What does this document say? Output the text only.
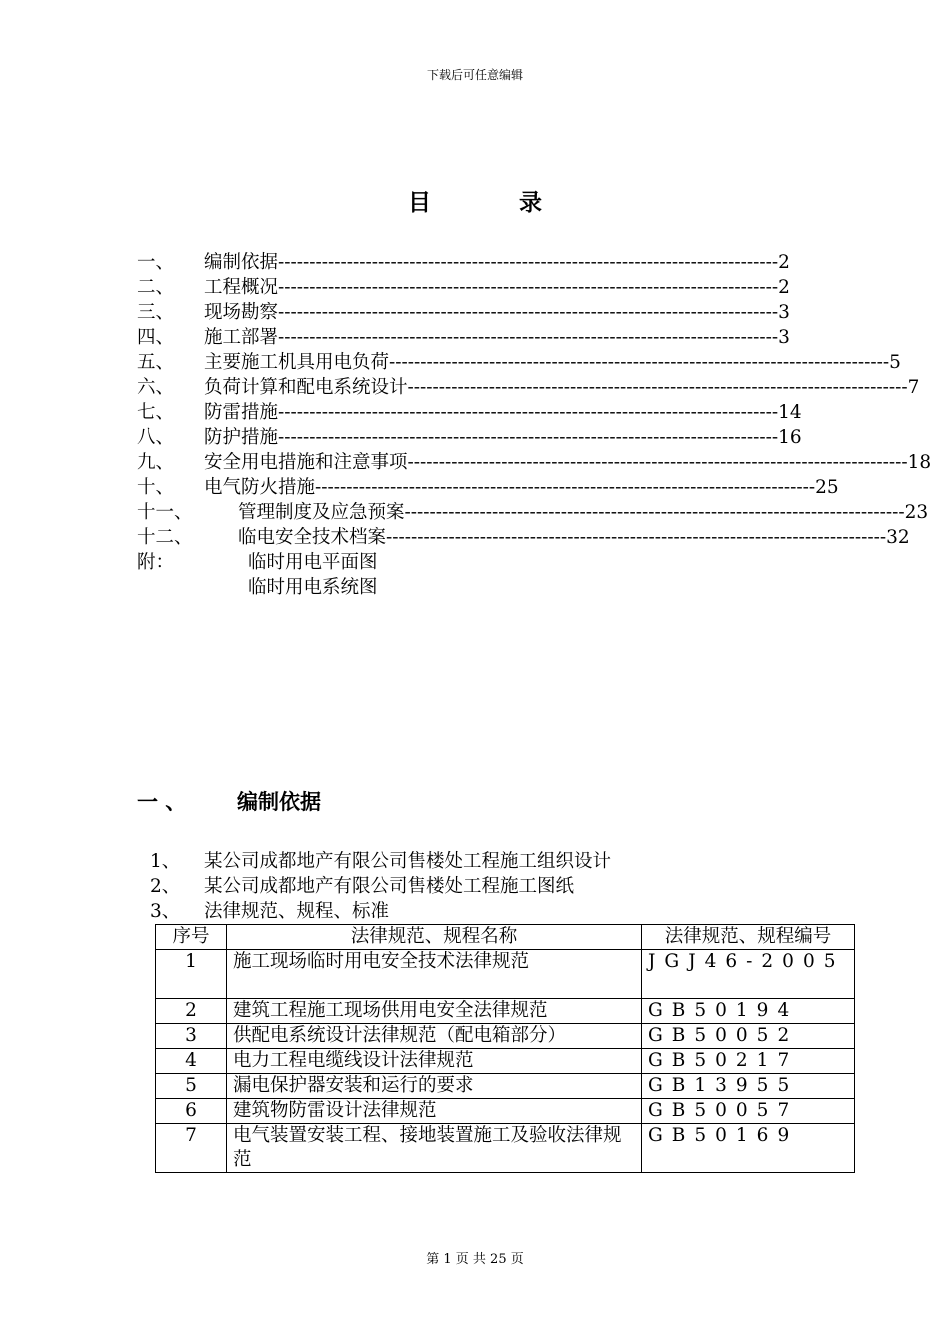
下载后可任意编辑
目 录
一、	编制依据 -------------------------------------------------------------------------------- 2
二、	工程概况 -------------------------------------------------------------------------------- 2
三、	现场勘察 -------------------------------------------------------------------------------- 3
四、	施工部署 -------------------------------------------------------------------------------- 3
五、	主要施工机具用电负荷 -------------------------------------------------------------------------------- 5
六、	负荷计算和配电系统设计 -------------------------------------------------------------------------------- 7
七、	防雷措施 -------------------------------------------------------------------------------- 14
八、	防护措施 -------------------------------------------------------------------------------- 16
九、	安全用电措施和注意事项 -------------------------------------------------------------------------------- 18
十、	电气防火措施 -------------------------------------------------------------------------------- 25
十一、	管理制度及应急预案 -------------------------------------------------------------------------------- 23
十二、	临电安全技术档案 -------------------------------------------------------------------------------- 32
附：	临时用电平面图
临时用电系统图
一 、 编制依据
1、 某公司成都地产有限公司售楼处工程施工组织设计
2、 某公司成都地产有限公司售楼处工程施工图纸
3、 法律规范、规程、标准
序号	法律规范、规程名称	法律规范、规程编号
1	施工现场临时用电安全技术法律规范	JGJ46-2005
2	建筑工程施工现场供用电安全法律规范	GB50194
3	供配电系统设计法律规范（配电箱部分）	GB50052
4	电力工程电缆线设计法律规范	GB50217
5	漏电保护器安装和运行的要求	GB13955
6	建筑物防雷设计法律规范	GB50057
7	电气装置安装工程、接地装置施工及验收法律规范	GB50169
第 1 页 共 25 页
